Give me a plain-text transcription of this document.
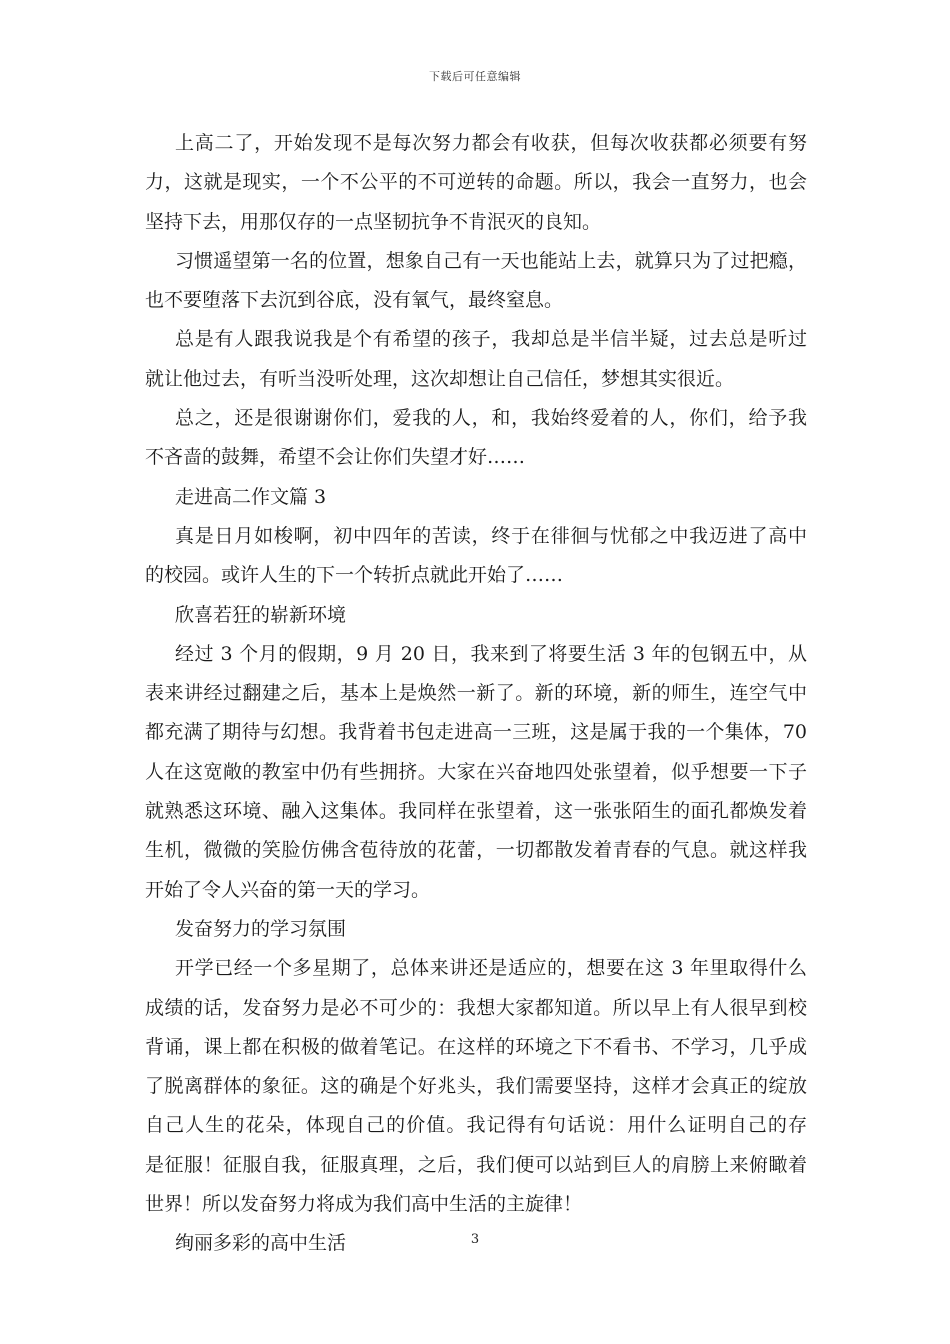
下载后可任意编辑
上高二了，开始发现不是每次努力都会有收获，但每次收获都必须要有努
力，这就是现实，一个不公平的不可逆转的命题。所以，我会一直努力，也会
坚持下去，用那仅存的一点坚韧抗争不肯泯灭的良知。
习惯遥望第一名的位置，想象自己有一天也能站上去，就算只为了过把瘾，
也不要堕落下去沉到谷底，没有氧气，最终窒息。
总是有人跟我说我是个有希望的孩子，我却总是半信半疑，过去总是听过
就让他过去，有听当没听处理，这次却想让自己信任，梦想其实很近。
总之，还是很谢谢你们，爱我的人，和，我始终爱着的人，你们，给予我
不吝啬的鼓舞，希望不会让你们失望才好……
走进高二作文篇 3
真是日月如梭啊，初中四年的苦读，终于在徘徊与忧郁之中我迈进了高中
的校园。或许人生的下一个转折点就此开始了……
欣喜若狂的崭新环境
经过 3 个月的假期，9 月 20 日，我来到了将要生活 3 年的包钢五中，从
表来讲经过翻建之后，基本上是焕然一新了。新的环境，新的师生，连空气中
都充满了期待与幻想。我背着书包走进高一三班，这是属于我的一个集体，70
人在这宽敞的教室中仍有些拥挤。大家在兴奋地四处张望着，似乎想要一下子
就熟悉这环境、融入这集体。我同样在张望着，这一张张陌生的面孔都焕发着
生机，微微的笑脸仿佛含苞待放的花蕾，一切都散发着青春的气息。就这样我
开始了令人兴奋的第一天的学习。
发奋努力的学习氛围
开学已经一个多星期了，总体来讲还是适应的，想要在这 3 年里取得什么
成绩的话，发奋努力是必不可少的：我想大家都知道。所以早上有人很早到校
背诵，课上都在积极的做着笔记。在这样的环境之下不看书、不学习，几乎成
了脱离群体的象征。这的确是个好兆头，我们需要坚持，这样才会真正的绽放
自己人生的花朵，体现自己的价值。我记得有句话说：用什么证明自己的存
是征服！征服自我，征服真理，之后，我们便可以站到巨人的肩膀上来俯瞰着
世界！所以发奋努力将成为我们高中生活的主旋律！
绚丽多彩的高中生活	3
